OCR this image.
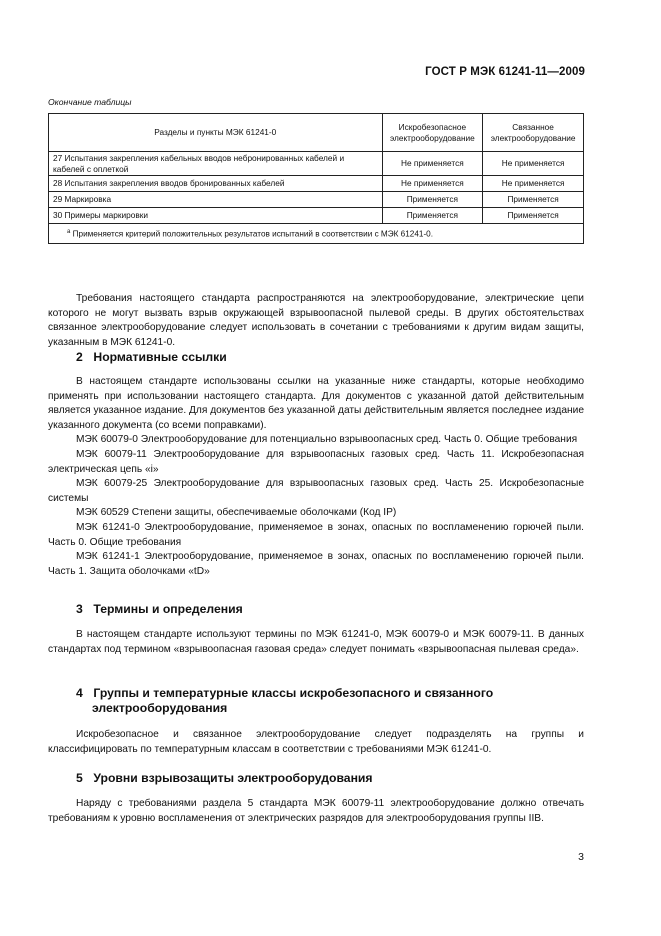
ГОСТ Р МЭК 61241-11—2009
Окончание таблицы
Разделы и пункты МЭК 61241-0	Искробезопасное электрооборудование	Связанное электрооборудование
27 Испытания закрепления кабельных вводов небронированных кабелей и кабелей с оплеткой	Не применяется	Не применяется
28 Испытания закрепления вводов бронированных кабелей	Не применяется	Не применяется
29 Маркировка	Применяется	Применяется
30 Примеры маркировки	Применяется	Применяется
$^а$ Применяется критерий положительных результатов испытаний в соответствии с МЭК 61241-0.		

Требования настоящего стандарта распространяются на электрооборудование, электрические цепи которого не могут вызвать взрыв окружающей взрывоопасной пылевой среды. В других обстоятельствах связанное электрооборудование следует использовать в сочетании с требованиями к другим видам защиты, указанным в МЭК 61241-0.

2 Нормативные ссылки

В настоящем стандарте использованы ссылки на указанные ниже стандарты, которые необходимо применять при использовании настоящего стандарта. Для документов с указанной датой действительным является указанное издание. Для документов без указанной даты действительным является последнее издание указанного документа (со всеми поправками).

МЭК 60079-0 Электрооборудование для потенциально взрывоопасных сред. Часть 0. Общие требования

МЭК 60079-11 Электрооборудование для взрывоопасных газовых сред. Часть 11. Искробезопасная электрическая цепь «i»

МЭК 60079-25 Электрооборудование для взрывоопасных газовых сред. Часть 25. Искробезопасные системы

МЭК 60529 Степени защиты, обеспечиваемые оболочками (Код IP)

МЭК 61241-0 Электрооборудование, применяемое в зонах, опасных по воспламенению горючей пыли. Часть 0. Общие требования

МЭК 61241-1 Электрооборудование, применяемое в зонах, опасных по воспламенению горючей пыли. Часть 1. Защита оболочками «tD»

3 Термины и определения

В настоящем стандарте используют термины по МЭК 61241-0, МЭК 60079-0 и МЭК 60079-11. В данных стандартах под термином «взрывоопасная газовая среда» следует понимать «взрывоопасная пылевая среда».

4 Группы и температурные классы искробезопасного и связанного
электрооборудования

Искробезопасное и связанное электрооборудование следует подразделять на группы и классифицировать по температурным классам в соответствии с требованиями МЭК 61241-0.

5 Уровни взрывозащиты электрооборудования

Наряду с требованиями раздела 5 стандарта МЭК 60079-11 электрооборудование должно отвечать требованиям к уровню воспламенения от электрических разрядов для электрооборудования группы IIB.

3
